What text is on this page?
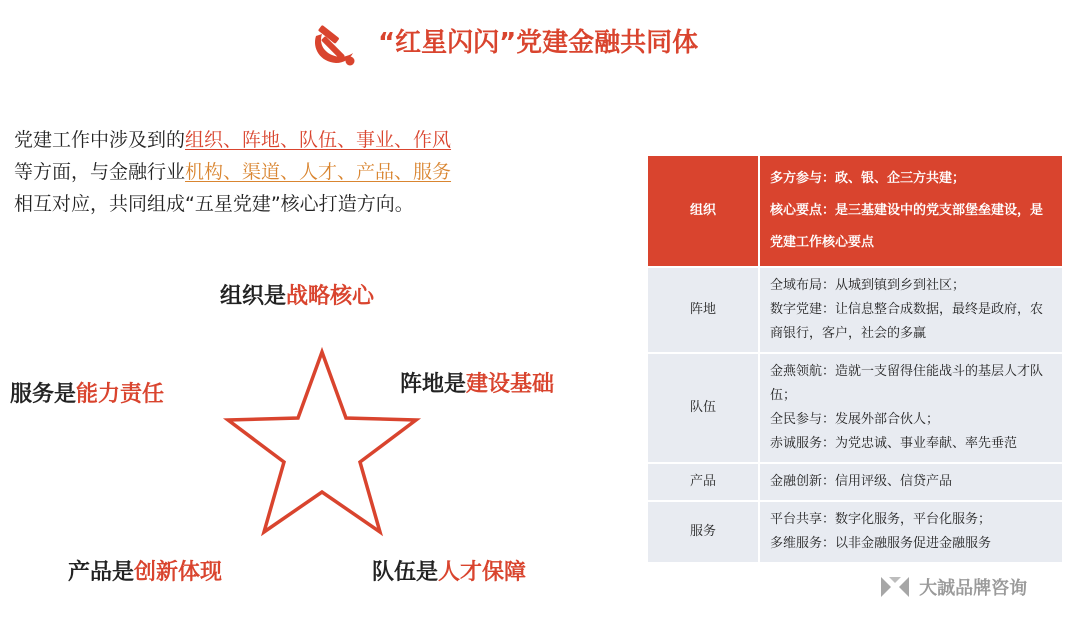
“红星闪闪”党建金融共同体
党建工作中涉及到的组织、阵地、队伍、事业、作风
等方面，与金融行业机构、渠道、人才、产品、服务
相互对应，共同组成“五星党建”核心打造方向。
组织是战略核心
阵地是建设基础
服务是能力责任
产品是创新体现	队伍是人才保障
组织	多方参与：政、银、企三方共建；
核心要点：是三基建设中的党支部堡垒建设，是党建工作核心要点

阵地	全域布局：从城到镇到乡到社区；
数字党建：让信息整合成数据，最终是政府，农商银行，客户，社会的多赢

队伍	金燕领航：造就一支留得住能战斗的基层人才队伍；
全民参与：发展外部合伙人；
赤诚服务：为党忠诚、事业奉献、率先垂范

产品	金融创新：信用评级、信贷产品

服务	平台共享：数字化服务，平台化服务；
多维服务：以非金融服务促进金融服务
大誠品牌咨询
